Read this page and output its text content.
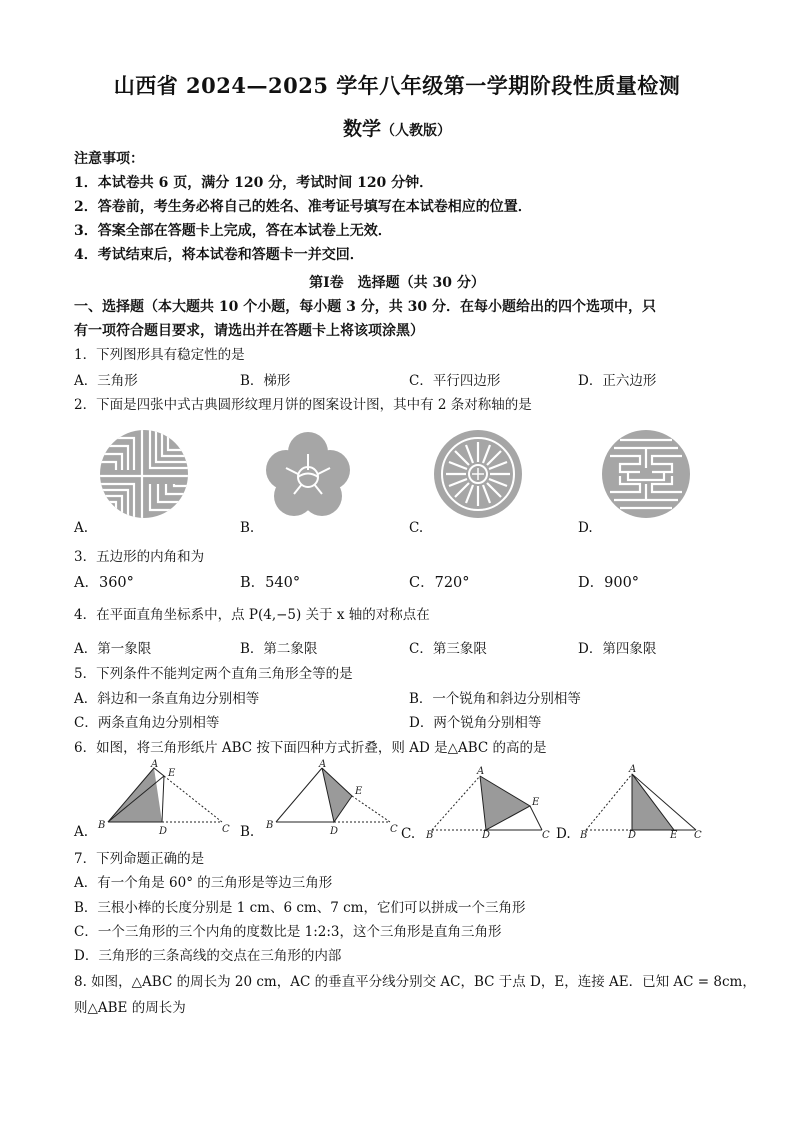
山西省 2024—2025 学年八年级第一学期阶段性质量检测
数学（人教版）
注意事项：
1．本试卷共 6 页，满分 120 分，考试时间 120 分钟．
2．答卷前，考生务必将自己的姓名、准考证号填写在本试卷相应的位置．
3．答案全部在答题卡上完成，答在本试卷上无效．
4．考试结束后，将本试卷和答题卡一并交回．
第Ⅰ卷　选择题（共 30 分）
一、选择题（本大题共 10 个小题，每小题 3 分，共 30 分．在每小题给出的四个选项中，只
有一项符合题目要求，请选出并在答题卡上将该项涂黑）
1．下列图形具有稳定性的是
A．三角形	B．梯形	C．平行四边形	D．正六边形
2．下面是四张中式古典圆形纹理月饼的图案设计图，其中有 2 条对称轴的是
A.	B.	C.	D.
3．五边形的内角和为
A．360°	B．540°	C．720°	D．900°
4．在平面直角坐标系中，点 P(4,−5) 关于 x 轴的对称点在
A．第一象限	B．第二象限	C．第三象限	D．第四象限
5．下列条件不能判定两个直角三角形全等的是
A．斜边和一条直角边分别相等	B．一个锐角和斜边分别相等
C．两条直角边分别相等	D．两个锐角分别相等
6．如图，将三角形纸片 ABC 按下面四种方式折叠，则 AD 是△ABC 的高的是
A
E
B
D	C
A.
A
E
B
D	C
B.
A
E
B	D	C
C.
A
B	D	E C
D.
7．下列命题正确的是
A．有一个角是 60° 的三角形是等边三角形
B．三根小棒的长度分别是 1 cm、6 cm、7 cm，它们可以拼成一个三角形
C．一个三角形的三个内角的度数比是 1:2:3，这个三角形是直角三角形
D．三角形的三条高线的交点在三角形的内部
8. 如图，△ABC 的周长为 20 cm，AC 的垂直平分线分别交 AC，BC 于点 D，E，连接 AE．已知 AC = 8cm，
则△ABE 的周长为
